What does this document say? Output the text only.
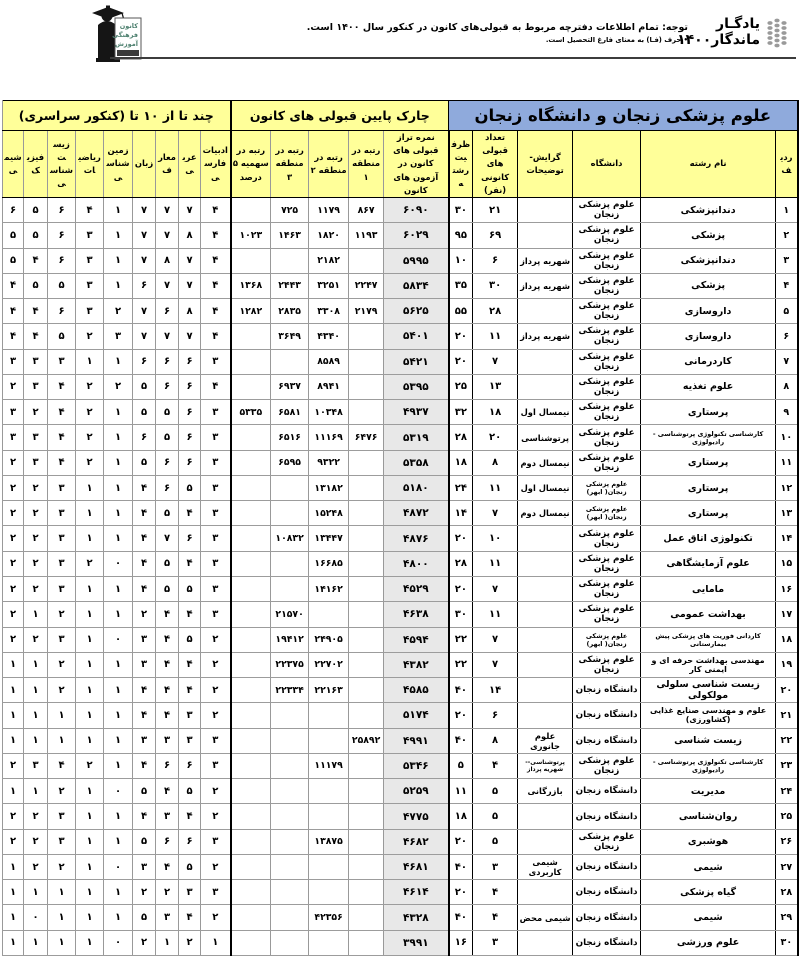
کانون
فرهنگی
آموزش
یادگـار
ماندگار۱۴۰۰
توجه: تمام اطلاعات دفترچه مربوط به قبولی‌های کانون در کنکور سال ۱۴۰۰ است.
• حرف (فـا) به معنای فارغ التحصیل است.
علوم پزشکی زنجان و دانشگاه زنجان						چارک پایین قبولی های کانون					چند تا از ۱۰ تا (کنکور سراسری)								
ردیف	نام رشته	دانشگاه	گرایش-توضیحات	تعداد قبولی های کانونی (نفر)	ظرفیت رشته	نمره تراز قبولی های کانون در آزمون های کانون	رتبه در منطقه ۱	رتبه در منطقه ۲	رتبه در منطقه ۳	رتبه در سهمیه ۵ درصد	ادبیات فارسی	عربی	معارف	زبان	زمین شناسی	ریاضیات	زیست شناسی	فیزیک	شیمی
۱	دندانپزشکی	علوم پزشکی زنجان		۲۱	۳۰	۶۰۹۰	۸۶۷	۱۱۷۹	۷۲۵		۴	۷	۷	۷	۱	۴	۶	۵	۶
۲	پزشکی	علوم پزشکی زنجان		۶۹	۹۵	۶۰۲۹	۱۱۹۳	۱۸۲۰	۱۴۶۳	۱۰۲۳	۴	۸	۷	۷	۱	۳	۶	۵	۵
۳	دندانپزشکی	علوم پزشکی زنجان	شهریه پرداز	۶	۱۰	۵۹۹۵		۲۱۸۲			۴	۷	۸	۷	۱	۳	۶	۴	۵
۴	پزشکی	علوم پزشکی زنجان	شهریه پرداز	۳۰	۳۵	۵۸۳۴	۲۲۴۷	۳۲۵۱	۲۴۴۳	۱۳۶۸	۴	۷	۷	۶	۱	۳	۵	۵	۴
۵	داروسازی	علوم پزشکی زنجان		۲۸	۵۵	۵۶۲۵	۲۱۷۹	۳۳۰۸	۲۸۳۵	۱۲۸۲	۴	۸	۶	۷	۲	۳	۶	۴	۴
۶	داروسازی	علوم پزشکی زنجان	شهریه پرداز	۱۱	۲۰	۵۴۰۱		۴۳۴۰	۳۶۴۹		۴	۷	۷	۷	۳	۲	۵	۴	۴
۷	کاردرمانی	علوم پزشکی زنجان		۷	۲۰	۵۴۲۱		۸۵۸۹			۳	۶	۶	۶	۱	۱	۳	۳	۳
۸	علوم تغذیه	علوم پزشکی زنجان		۱۳	۲۵	۵۳۹۵		۸۹۴۱	۶۹۳۷		۴	۶	۶	۵	۲	۲	۴	۳	۲
۹	پرستاری	علوم پزشکی زنجان	نیمسال اول	۱۸	۳۲	۴۹۳۷		۱۰۳۴۸	۶۵۸۱	۵۳۳۵	۳	۶	۵	۵	۱	۲	۴	۲	۳
۱۰	کارشناسی تکنولوژی پرتوشناسی - رادیولوژی	علوم پزشکی زنجان	پرتوشناسی	۲۰	۲۸	۵۳۱۹	۶۴۷۶	۱۱۱۶۹	۶۵۱۶		۳	۶	۵	۶	۱	۲	۴	۳	۳
۱۱	پرستاری	علوم پزشکی زنجان	نیمسال دوم	۸	۱۸	۵۳۵۸		۹۳۲۲	۶۵۹۵		۳	۶	۶	۵	۱	۲	۴	۳	۲
۱۲	پرستاری	علوم پزشکی زنجان( ابهر)	نیمسال اول	۱۱	۲۴	۵۱۸۰		۱۳۱۸۲			۳	۵	۶	۴	۱	۱	۳	۲	۲
۱۳	پرستاری	علوم پزشکی زنجان( ابهر)	نیمسال دوم	۷	۱۴	۴۸۷۲		۱۵۲۴۸			۳	۴	۵	۴	۱	۱	۳	۲	۲
۱۴	تکنولوژی اتاق عمل	علوم پزشکی زنجان		۱۰	۲۰	۴۸۷۶		۱۳۴۴۷	۱۰۸۳۲		۳	۶	۷	۴	۱	۱	۳	۲	۲
۱۵	علوم آزمایشگاهی	علوم پزشکی زنجان		۱۱	۲۸	۴۸۰۰		۱۶۶۸۵			۳	۴	۵	۴	۰	۲	۳	۲	۲
۱۶	مامایی	علوم پزشکی زنجان		۷	۲۰	۴۵۲۹		۱۴۱۶۲			۳	۵	۵	۴	۱	۱	۳	۲	۲
۱۷	بهداشت عمومی	علوم پزشکی زنجان		۱۱	۳۰	۴۶۳۸			۲۱۵۷۰		۳	۴	۴	۲	۱	۱	۲	۱	۲
۱۸	کاردانی فوریت های پزشکی پیش بیمارستانی	علوم پزشکی زنجان( ابهر)		۷	۲۲	۴۵۹۴		۲۴۹۰۵	۱۹۴۱۲		۲	۵	۴	۳	۰	۱	۳	۲	۲
۱۹	مهندسی بهداشت حرفه ای و ایمنی کار	علوم پزشکی زنجان		۷	۲۲	۴۳۸۲		۲۲۷۰۲	۲۲۳۷۵		۲	۴	۴	۳	۱	۱	۲	۱	۱
۲۰	زیست شناسی سلولی مولکولی	دانشگاه زنجان		۱۴	۴۰	۴۵۸۵		۲۲۱۶۳	۲۲۳۳۴		۲	۴	۴	۴	۱	۱	۲	۱	۱
۲۱	علوم و مهندسی صنایع غذایی (کشاورزی)	دانشگاه زنجان		۶	۲۰	۵۱۷۴					۲	۳	۴	۴	۱	۱	۱	۱	۱
۲۲	زیست شناسی	دانشگاه زنجان	علوم جانوری	۸	۴۰	۴۹۹۱	۲۵۸۹۲				۳	۳	۳	۳	۱	۱	۱	۱	۱
۲۳	کارشناسی تکنولوژی پرتوشناسی - رادیولوژی	علوم پزشکی زنجان	پرتوشناسی--شهریه پرداز	۴	۵	۵۳۴۶		۱۱۱۷۹			۳	۶	۶	۴	۱	۲	۴	۳	۲
۲۴	مدیریت	دانشگاه زنجان	بازرگانی	۵	۱۱	۵۲۵۹					۲	۵	۴	۵	۰	۱	۲	۱	۱
۲۵	روان‌شناسی	دانشگاه زنجان		۵	۱۸	۴۷۷۵					۲	۴	۳	۴	۱	۱	۳	۲	۲
۲۶	هوشبری	علوم پزشکی زنجان		۵	۲۰	۴۶۸۲		۱۳۸۷۵			۳	۶	۶	۵	۱	۱	۳	۲	۲
۲۷	شیمی	دانشگاه زنجان	شیمی کاربردی	۳	۴۰	۴۶۸۱					۲	۵	۴	۳	۰	۱	۲	۲	۱
۲۸	گیاه پزشکی	دانشگاه زنجان		۴	۲۰	۴۶۱۴					۳	۳	۲	۲	۱	۱	۱	۱	۱
۲۹	شیمی	دانشگاه زنجان	شیمی محض	۴	۴۰	۴۳۲۸		۴۲۳۵۶			۲	۴	۳	۵	۱	۱	۱	۰	۱
۳۰	علوم ورزشی	دانشگاه زنجان		۳	۱۶	۳۹۹۱					۱	۲	۱	۲	۰	۱	۱	۱	۱
